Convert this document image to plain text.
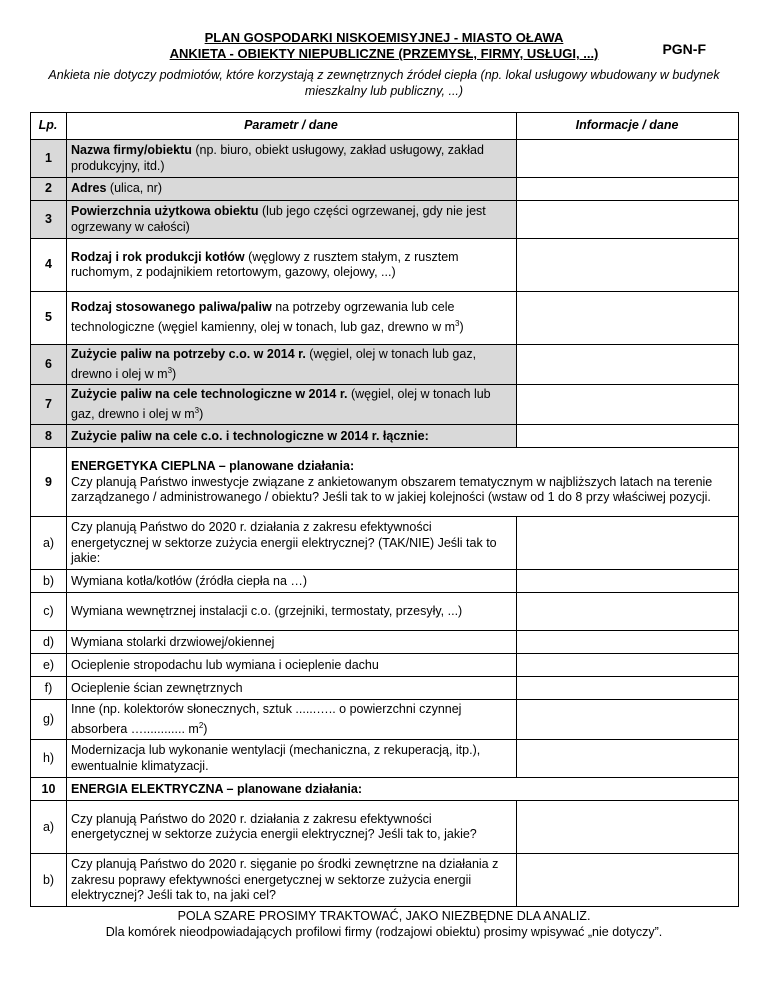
PLAN GOSPODARKI NISKOEMISYJNEJ - MIASTO OŁAWA
ANKIETA - OBIEKTY NIEPUBLICZNE (PRZEMYSŁ, FIRMY, USŁUGI, ...)	PGN-F
Ankieta nie dotyczy podmiotów, które korzystają z zewnętrznych źródeł ciepła (np. lokal usługowy wbudowany w budynek mieszkalny lub publiczny, ...)
Lp.	Parametr / dane	Informacje / dane
1	Nazwa firmy/obiektu (np. biuro, obiekt usługowy, zakład usługowy, zakład produkcyjny, itd.)	
2	Adres (ulica, nr)	
3	Powierzchnia użytkowa obiektu (lub jego części ogrzewanej, gdy nie jest ogrzewany w całości)	
4	Rodzaj i rok produkcji kotłów (węglowy z rusztem stałym, z rusztem ruchomym, z podajnikiem retortowym, gazowy, olejowy, ...)	
5	Rodzaj stosowanego paliwa/paliw na potrzeby ogrzewania lub cele technologiczne (węgiel kamienny, olej w tonach, lub gaz, drewno w $m^3$)	
6	Zużycie paliw na potrzeby c.o. w 2014 r. (węgiel, olej w tonach lub gaz, drewno i olej w $m^3$)	
7	Zużycie paliw na cele technologiczne w 2014 r. (węgiel, olej w tonach lub gaz, drewno i olej w $m^3$)	
8	Zużycie paliw na cele c.o. i technologiczne w 2014 r. łącznie:	
9	ENERGETYKA CIEPLNA – planowane działania:
Czy planują Państwo inwestycje związane z ankietowanym obszarem tematycznym w najbliższych latach na terenie zarządzanego / administrowanego / obiektu? Jeśli tak to w jakiej kolejności (wstaw od 1 do 8 przy właściwej pozycji.	
a)	Czy planują Państwo do 2020 r. działania z zakresu efektywności energetycznej w sektorze zużycia energii elektrycznej? (TAK/NIE) Jeśli tak to jakie:	
b)	Wymiana kotła/kotłów (źródła ciepła na …)	
c)	Wymiana wewnętrznej instalacji c.o. (grzejniki, termostaty, przesyły, ...)	
d)	Wymiana stolarki drzwiowej/okiennej	
e)	Ocieplenie stropodachu lub wymiana i ocieplenie dachu	
f)	Ocieplenie ścian zewnętrznych	
g)	Inne (np. kolektorów słonecznych, sztuk ......….. o powierzchni czynnej absorbera …............ $m^2$)	
h)	Modernizacja lub wykonanie wentylacji (mechaniczna, z rekuperacją, itp.), ewentualnie klimatyzacji.	
10	ENERGIA ELEKTRYCZNA – planowane działania:	
a)	Czy planują Państwo do 2020 r. działania z zakresu efektywności energetycznej w sektorze zużycia energii elektrycznej? Jeśli tak to, jakie?	
b)	Czy planują Państwo do 2020 r. sięganie po środki zewnętrzne na działania z zakresu poprawy efektywności energetycznej w sektorze zużycia energii elektrycznej? Jeśli tak to, na jaki cel?	
POLA SZARE PROSIMY TRAKTOWAĆ, JAKO NIEZBĘDNE DLA ANALIZ.
Dla komórek nieodpowiadających profilowi firmy (rodzajowi obiektu) prosimy wpisywać „nie dotyczy”.
